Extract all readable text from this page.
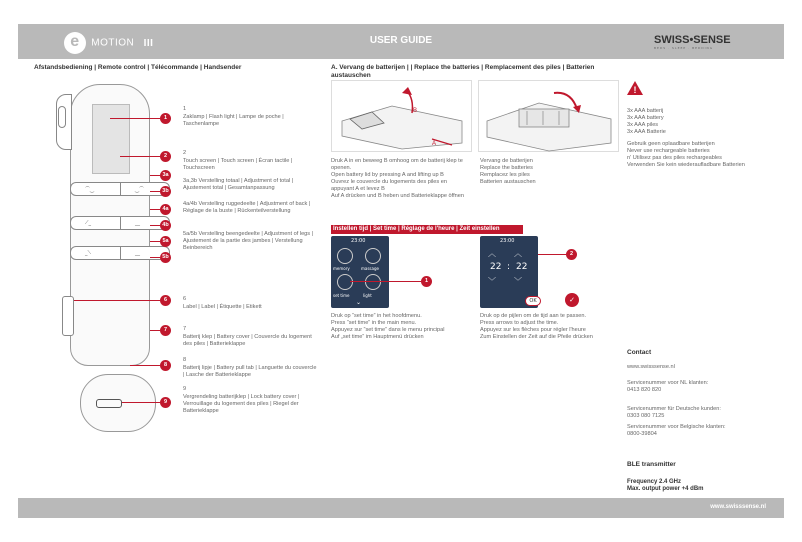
e MOTION III	USER GUIDE	SWISS•SENSE
BEDS · SLEEP · BEDDING
Afstandsbediening | Remote control | Télécommande | Handsender
⌒‿	‿⌒
⟋_	__
_⟍	__
1
2
3a
3b
4a
4b
5a
5b
6
7
8
9
1
Zaklamp | Flash light | Lampe de poche | Taschenlampe
2
Touch screen | Touch screen | Écran tactile | Touchscreen
3a,3b Verstelling totaal | Adjustment of total | Ajustement total | Gesamtanpassung
4a/4b Verstelling ruggedeelte | Adjustment of back | Réglage de la buste | Rückenteilverstellung
5a/5b Verstelling beengedeelte | Adjustment of legs | Ajustement de la partie des jambes | Verstellung Beinbereich
6
Label | Label | Étiquette | Etikett
7
Batterij klep | Battery cover | Couvercle du logement des piles | Batterieklappe
8
Batterij lipje | Battery pull tab | Languette du couvercle | Lasche der Batterieklappe
9
Vergrendeling batterijklep | Lock battery cover | Verrouillage du logement des piles | Riegel der Batterieklappe
A. Vervang de batterijen | | Replace the batteries | Remplacement des piles | Batterien austauschen
B
A
Druk A in en beweeg B omhoog om de batterij klep te openen.
Open battery lid by pressing A and lifting up B
Ouvrez le couvercle du logements des piles en appuyant A et levez B
Auf A drücken und B heben und Batterieklappe öffnen
Vervang de batterijen
Replace the batteries
Remplacez les piles
Batterien austauschen
!
3x AAA batterij
3x AAA battery
3x AAA piles
3x AAA Batterie
Gebruik geen oplaadbare batterijen
Never use rechargeable batteries
n' Utilisez pas des piles rechargeables
Verwenden Sie kein wiederaufladbare Batterien
Instellen tijd | Set time | Réglage de l'heure | Zeit einstellen
23:00
memory	massage
set time	light
⌄
1
23:00
︿ ︿
22 : 22
﹀ ﹀
OK	✓
2
Druk op “set time” in het hoofdmenu.
Press “set time” in the main menu.
Appuyez sur “set time” dans le menu principal
Auf „set time“ im Hauptmenü drücken
Druk op de pijlen om de tijd aan te passen.
Press arrows to adjust the time.
Appuyez sur les flèches pour régler l'heure
Zum Einstellen der Zeit auf die Pfeile drücken
Contact
www.swisssense.nl
Servicenummer voor NL klanten:
0413 820 820
Servicenummer für Deutsche kunden:
0303 080 7125
Servicenummer voor Belgische klanten:
0800-39804
BLE transmitter
Frequency 2.4 GHz
Max. output power +4 dBm
www.swisssense.nl
